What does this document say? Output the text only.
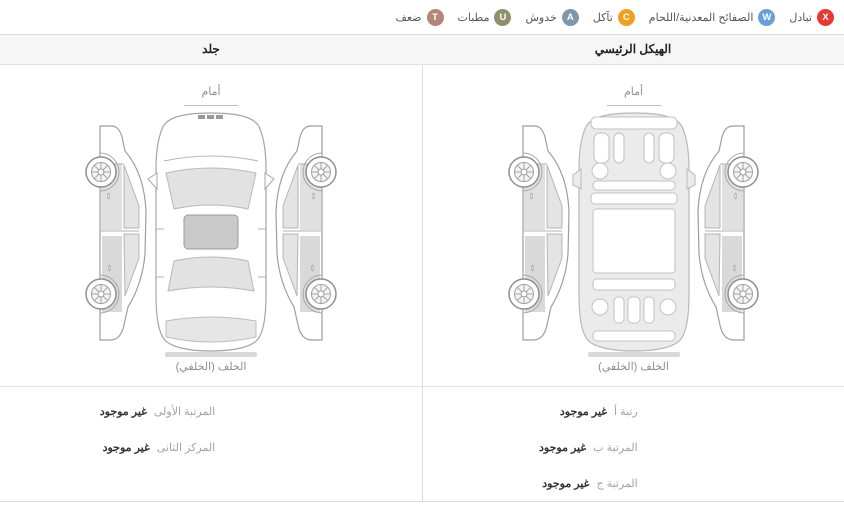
X
تبادل
W
الصفائح المعدنية/اللحام
C
تآكل
A
خدوش
U
مطبات
T
ضعف
الهيكل الرئيسي
جلد
أمام
الخلف (الخلفي)
رتبة أ
غير موجود
المرتبة ب
غير موجود
المرتبة ج
غير موجود
أمام
الخلف (الخلفي)
المرتبة الأولى
غير موجود
المركز الثانى
غير موجود
